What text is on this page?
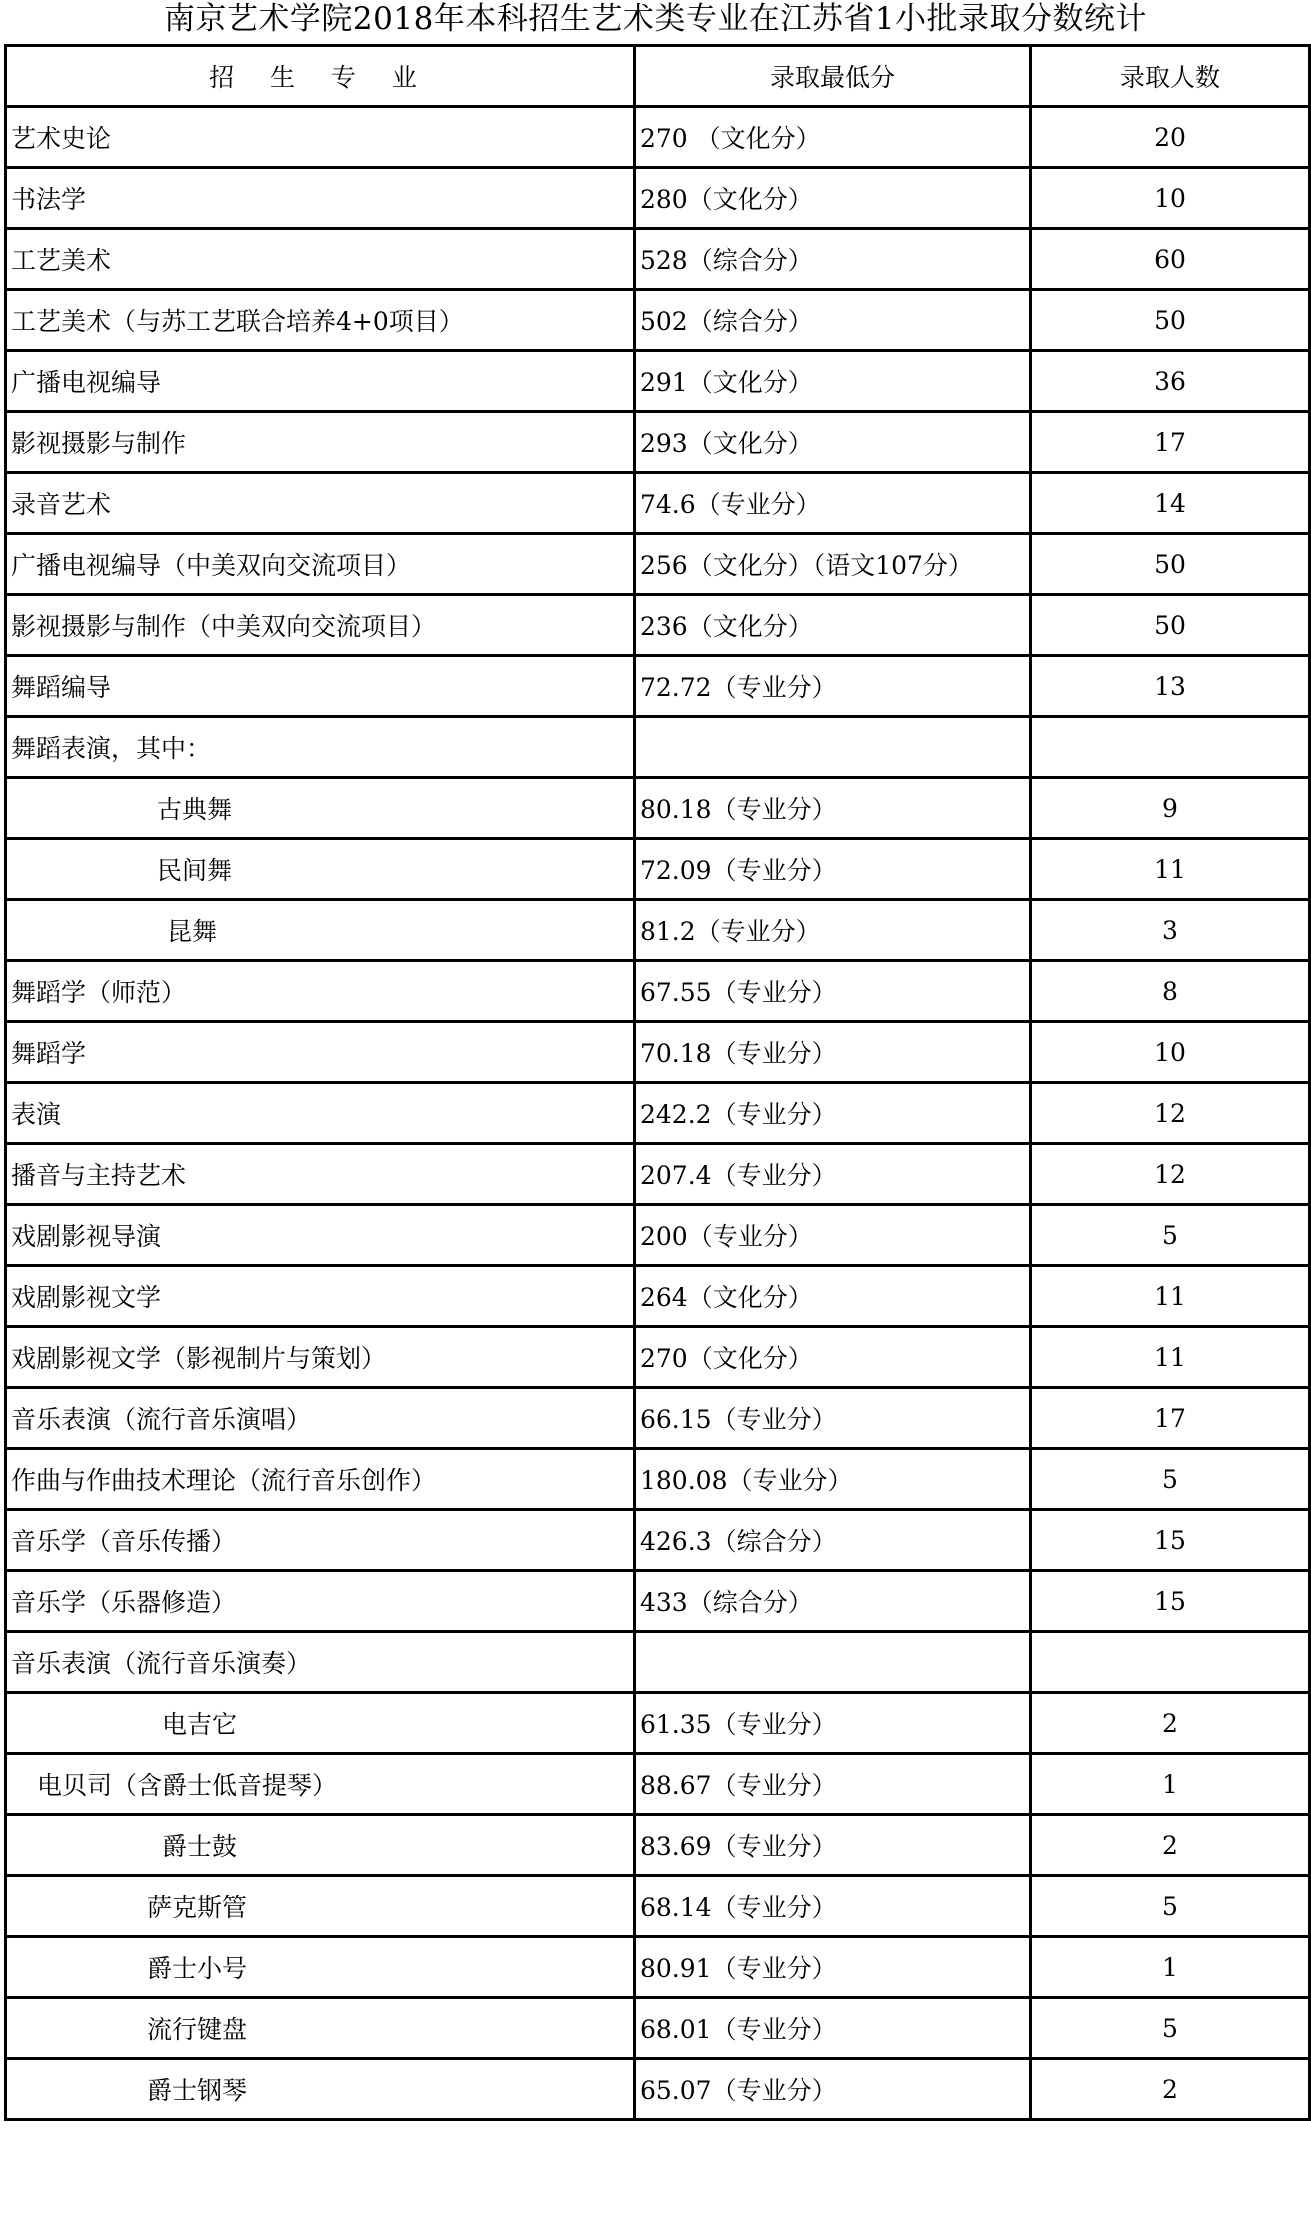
南京艺术学院2018年本科招生艺术类专业在江苏省1小批录取分数统计
招 生 专 业	录取最低分	录取人数
艺术史论	270 （文化分）	20
书法学	280（文化分）	10
工艺美术	528（综合分）	60
工艺美术（与苏工艺联合培养4+0项目）	502（综合分）	50
广播电视编导	291（文化分）	36
影视摄影与制作	293（文化分）	17
录音艺术	74.6（专业分）	14
广播电视编导（中美双向交流项目）	256（文化分）（语文107分）	50
影视摄影与制作（中美双向交流项目）	236（文化分）	50
舞蹈编导	72.72（专业分）	13
舞蹈表演，其中：		
古典舞	80.18（专业分）	9
民间舞	72.09（专业分）	11
昆舞	81.2（专业分）	3
舞蹈学（师范）	67.55（专业分）	8
舞蹈学	70.18（专业分）	10
表演	242.2（专业分）	12
播音与主持艺术	207.4（专业分）	12
戏剧影视导演	200（专业分）	5
戏剧影视文学	264（文化分）	11
戏剧影视文学（影视制片与策划）	270（文化分）	11
音乐表演（流行音乐演唱）	66.15（专业分）	17
作曲与作曲技术理论（流行音乐创作）	180.08（专业分）	5
音乐学（音乐传播）	426.3（综合分）	15
音乐学（乐器修造）	433（综合分）	15
音乐表演（流行音乐演奏）		
电吉它	61.35（专业分）	2
电贝司（含爵士低音提琴）	88.67（专业分）	1
爵士鼓	83.69（专业分）	2
萨克斯管	68.14（专业分）	5
爵士小号	80.91（专业分）	1
流行键盘	68.01（专业分）	5
爵士钢琴	65.07（专业分）	2
